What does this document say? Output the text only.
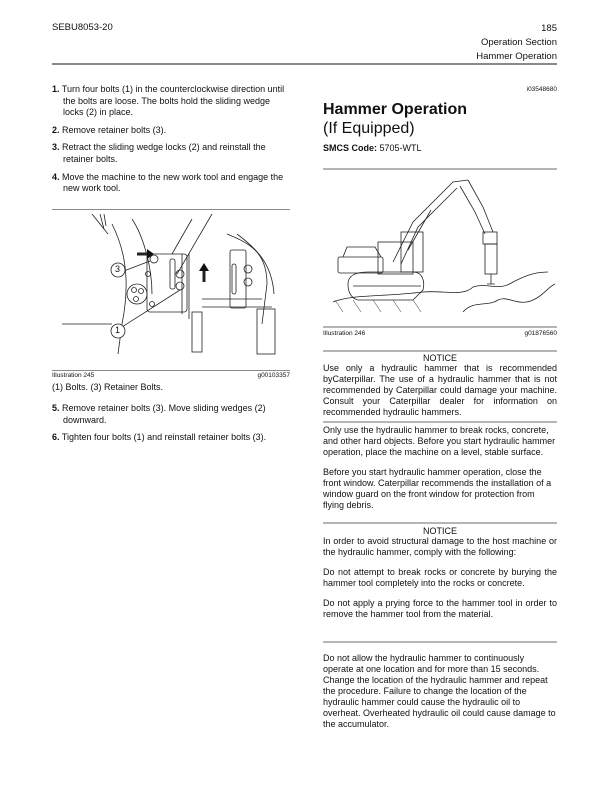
SEBU8053-20	185
Operation Section
Hammer Operation

1. Turn four bolts (1) in the counterclockwise direction until the bolts are loose. The bolts hold the sliding wedge locks (2) in place.

2. Remove retainer bolts (3).

3. Retract the sliding wedge locks (2) and reinstall the retainer bolts.

4. Move the machine to the new work tool and engage the new work tool.

3
1
Illustration 245	g00103357
(1) Bolts. (3) Retainer Bolts.

5. Remove retainer bolts (3). Move sliding wedges (2) downward.

6. Tighten four bolts (1) and reinstall retainer bolts (3).

i03548680
Hammer Operation
(If Equipped)
SMCS Code: 5705-WTL
Illustration 246	g01876560
NOTICE

Use only a hydraulic hammer that is recommended byCaterpillar. The use of a hydraulic hammer that is not recommended by Caterpillar could damage your machine. Consult your Caterpillar dealer for information on recommended hydraulic hammers.

Only use the hydraulic hammer to break rocks, concrete, and other hard objects. Before you start hydraulic hammer operation, place the machine on a level, stable surface.

Before you start hydraulic hammer operation, close the front window. Caterpillar recommends the installation of a window guard on the front window for protection from flying debris.

NOTICE

In order to avoid structural damage to the host machine or the hydraulic hammer, comply with the following:

Do not attempt to break rocks or concrete by burying the hammer tool completely into the rocks or concrete.

Do not apply a prying force to the hammer tool in order to remove the hammer tool from the material.

Do not allow the hydraulic hammer to continuously operate at one location and for more than 15 seconds. Change the location of the hydraulic hammer and repeat the procedure. Failure to change the location of the hydraulic hammer could cause the hydraulic oil to overheat. Overheated hydraulic oil could cause damage to the accumulator.
